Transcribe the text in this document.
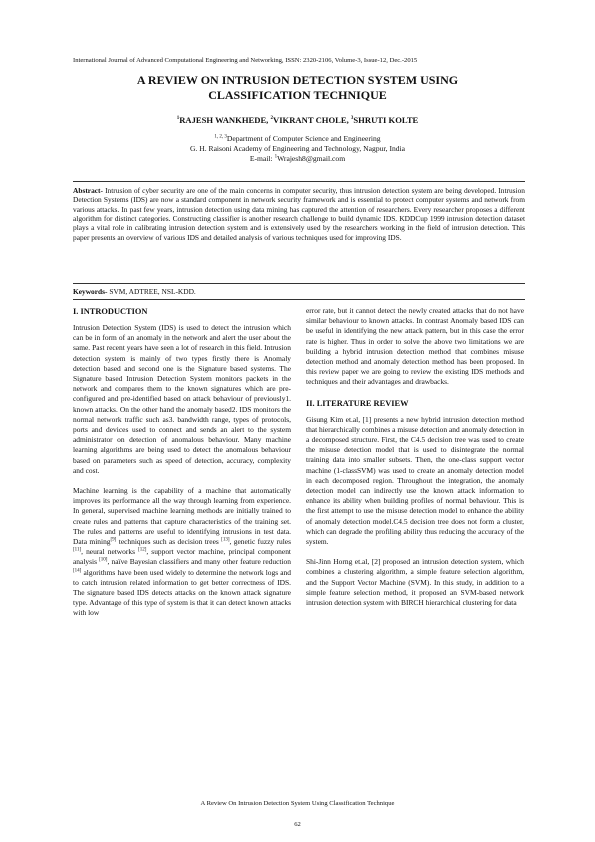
International Journal of Advanced Computational Engineering and Networking, ISSN: 2320-2106, Volume-3, Issue-12, Dec.-2015
A REVIEW ON INTRUSION DETECTION SYSTEM USING
CLASSIFICATION TECHNIQUE
$^1$RAJESH WANKHEDE, $^2$VIKRANT CHOLE, $^3$SHRUTI KOLTE
$^{1, 2, 3}$Department of Computer Science and Engineering
G. H. Raisoni Academy of Engineering and Technology, Nagpur, India
E-mail: $^1$Wrajesh8@gmail.com
Abstract- Intrusion of cyber security are one of the main concerns in computer security, thus intrusion detection system are being developed. Intrusion Detection Systems (IDS) are now a standard component in network security framework and is essential to protect computer systems and network from various attacks. In past few years, intrusion detection using data mining has captured the attention of researchers. Every researcher proposes a different algorithm for distinct categories. Constructing classifier is another research challenge to build dynamic IDS. KDDCup 1999 intrusion detection dataset plays a vital role in calibrating intrusion detection system and is extensively used by the researchers working in the field of intrusion detection. This paper presents an overview of various IDS and detailed analysis of various techniques used for improving IDS.
Keywords- SVM, ADTREE, NSL-KDD.
I. INTRODUCTION

Intrusion Detection System (IDS) is used to detect the intrusion which can be in form of an anomaly in the network and alert the user about the same. Past recent years have seen a lot of research in this field. Intrusion detection system is mainly of two types firstly there is Anomaly detection based and second one is the Signature based systems. The Signature based Intrusion Detection System monitors packets in the network and compares them to the known signatures which are pre-configured and pre-identified based on attack behaviour of previously1. known attacks. On the other hand the anomaly based2. IDS monitors the normal network traffic such as3. bandwidth range, types of protocols, ports and devices used to connect and sends an alert to the system administrator on detection of anomalous behaviour. Many machine learning algorithms are being used to detect the anomalous behaviour based on parameters such as speed of detection, accuracy, complexity and cost.

Machine learning is the capability of a machine that automatically improves its performance all the way through learning from experience. In general, supervised machine learning methods are initially trained to create rules and patterns that capture characteristics of the training set. The rules and patterns are useful to identifying intrusions in test data. Data mining[9] techniques such as decision trees [13], genetic fuzzy rules [11], neural networks [12], support vector machine, principal component analysis [10], naïve Bayesian classifiers and many other feature reduction [14] algorithms have been used widely to determine the network logs and to catch intrusion related information to get better correctness of IDS. The signature based IDS detects attacks on the known attack signature type. Advantage of this type of system is that it can detect known attacks with low

error rate, but it cannot detect the newly created attacks that do not have similar behaviour to known attacks. In contrast Anomaly based IDS can be useful in identifying the new attack pattern, but in this case the error rate is higher. Thus in order to solve the above two limitations we are building a hybrid intrusion detection method that combines misuse detection method and anomaly detection method has been proposed. In this review paper we are going to review the existing IDS methods and techniques and their advantages and drawbacks.

II. LITERATURE REVIEW

Gisung Kim et.al, [1] presents a new hybrid intrusion detection method that hierarchically combines a misuse detection and anomaly detection in a decomposed structure. First, the C4.5 decision tree was used to create the misuse detection model that is used to disintegrate the normal training data into smaller subsets. Then, the one-class support vector machine (1-classSVM) was used to create an anomaly detection model in each decomposed region. Throughout the integration, the anomaly detection model can indirectly use the known attack information to enhance its ability when building profiles of normal behaviour. This is the first attempt to use the misuse detection model to enhance the ability of anomaly detection model.C4.5 decision tree does not form a cluster, which can degrade the profiling ability thus reducing the accuracy of the system.

Shi-Jinn Horng et.al, [2] proposed an intrusion detection system, which combines a clustering algorithm, a simple feature selection algorithm, and the Support Vector Machine (SVM). In this study, in addition to a simple feature selection method, it proposed an SVM-based network intrusion detection system with BIRCH hierarchical clustering for data

A Review On Intrusion Detection System Using Classification Technique
62
